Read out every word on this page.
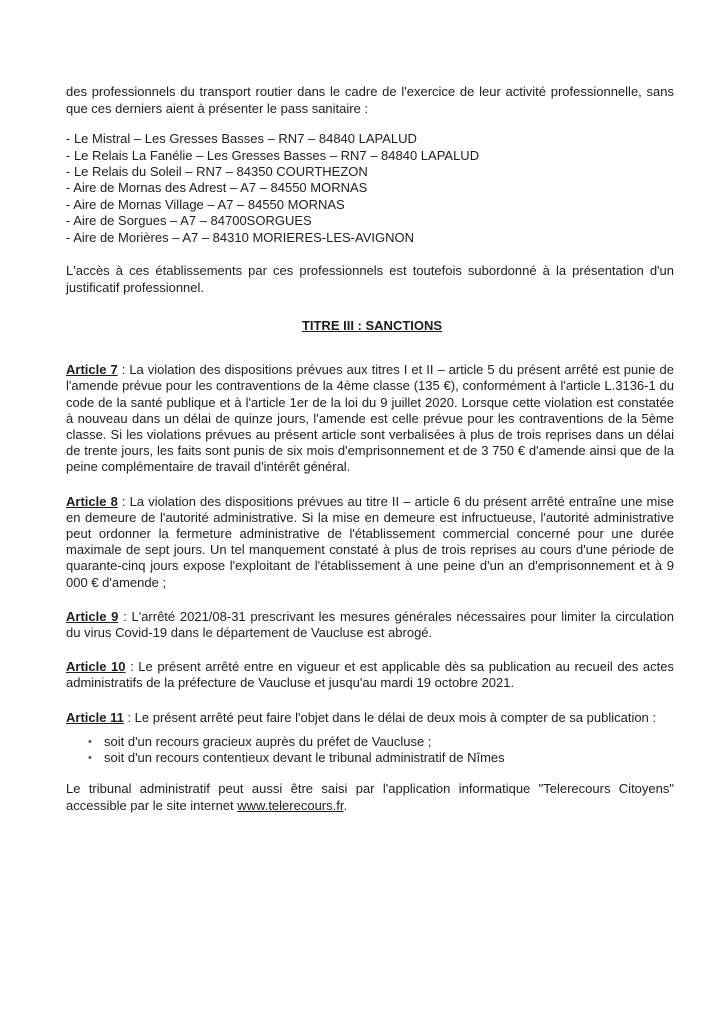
des professionnels du transport routier dans le cadre de l'exercice de leur activité professionnelle, sans que ces derniers aient à présenter le pass sanitaire :

- Le Mistral – Les Gresses Basses – RN7 – 84840 LAPALUD
- Le Relais La Fanélie – Les Gresses Basses – RN7 – 84840 LAPALUD
- Le Relais du Soleil – RN7 – 84350 COURTHEZON
- Aire de Mornas des Adrest – A7 – 84550 MORNAS
- Aire de Mornas Village – A7 – 84550 MORNAS
- Aire de Sorgues – A7 – 84700SORGUES
- Aire de Morières – A7 – 84310 MORIERES-LES-AVIGNON

L'accès à ces établissements par ces professionnels est toutefois subordonné à la présentation d'un justificatif professionnel.

TITRE III : SANCTIONS

Article 7 : La violation des dispositions prévues aux titres I et II – article 5 du présent arrêté est punie de l'amende prévue pour les contraventions de la 4ème classe (135 €), conformément à l'article L.3136-1 du code de la santé publique et à l'article 1er de la loi du 9 juillet 2020. Lorsque cette violation est constatée à nouveau dans un délai de quinze jours, l'amende est celle prévue pour les contraventions de la 5ème classe. Si les violations prévues au présent article sont verbalisées à plus de trois reprises dans un délai de trente jours, les faits sont punis de six mois d'emprisonnement et de 3 750 € d'amende ainsi que de la peine complémentaire de travail d'intérêt général.

Article 8 : La violation des dispositions prévues au titre II – article 6 du présent arrêté entraîne une mise en demeure de l'autorité administrative. Si la mise en demeure est infructueuse, l'autorité administrative peut ordonner la fermeture administrative de l'établissement commercial concerné pour une durée maximale de sept jours. Un tel manquement constaté à plus de trois reprises au cours d'une période de quarante-cinq jours expose l'exploitant de l'établissement à une peine d'un an d'emprisonnement et à 9 000 € d'amende ;

Article 9 : L'arrêté 2021/08-31 prescrivant les mesures générales nécessaires pour limiter la circulation du virus Covid-19 dans le département de Vaucluse est abrogé.

Article 10 : Le présent arrêté entre en vigueur et est applicable dès sa publication au recueil des actes administratifs de la préfecture de Vaucluse et jusqu'au mardi 19 octobre 2021.

Article 11 : Le présent arrêté peut faire l'objet dans le délai de deux mois à compter de sa publication :

• soit d'un recours gracieux auprès du préfet de Vaucluse ;
• soit d'un recours contentieux devant le tribunal administratif de Nîmes

Le tribunal administratif peut aussi être saisi par l'application informatique "Telerecours Citoyens" accessible par le site internet www.telerecours.fr.
